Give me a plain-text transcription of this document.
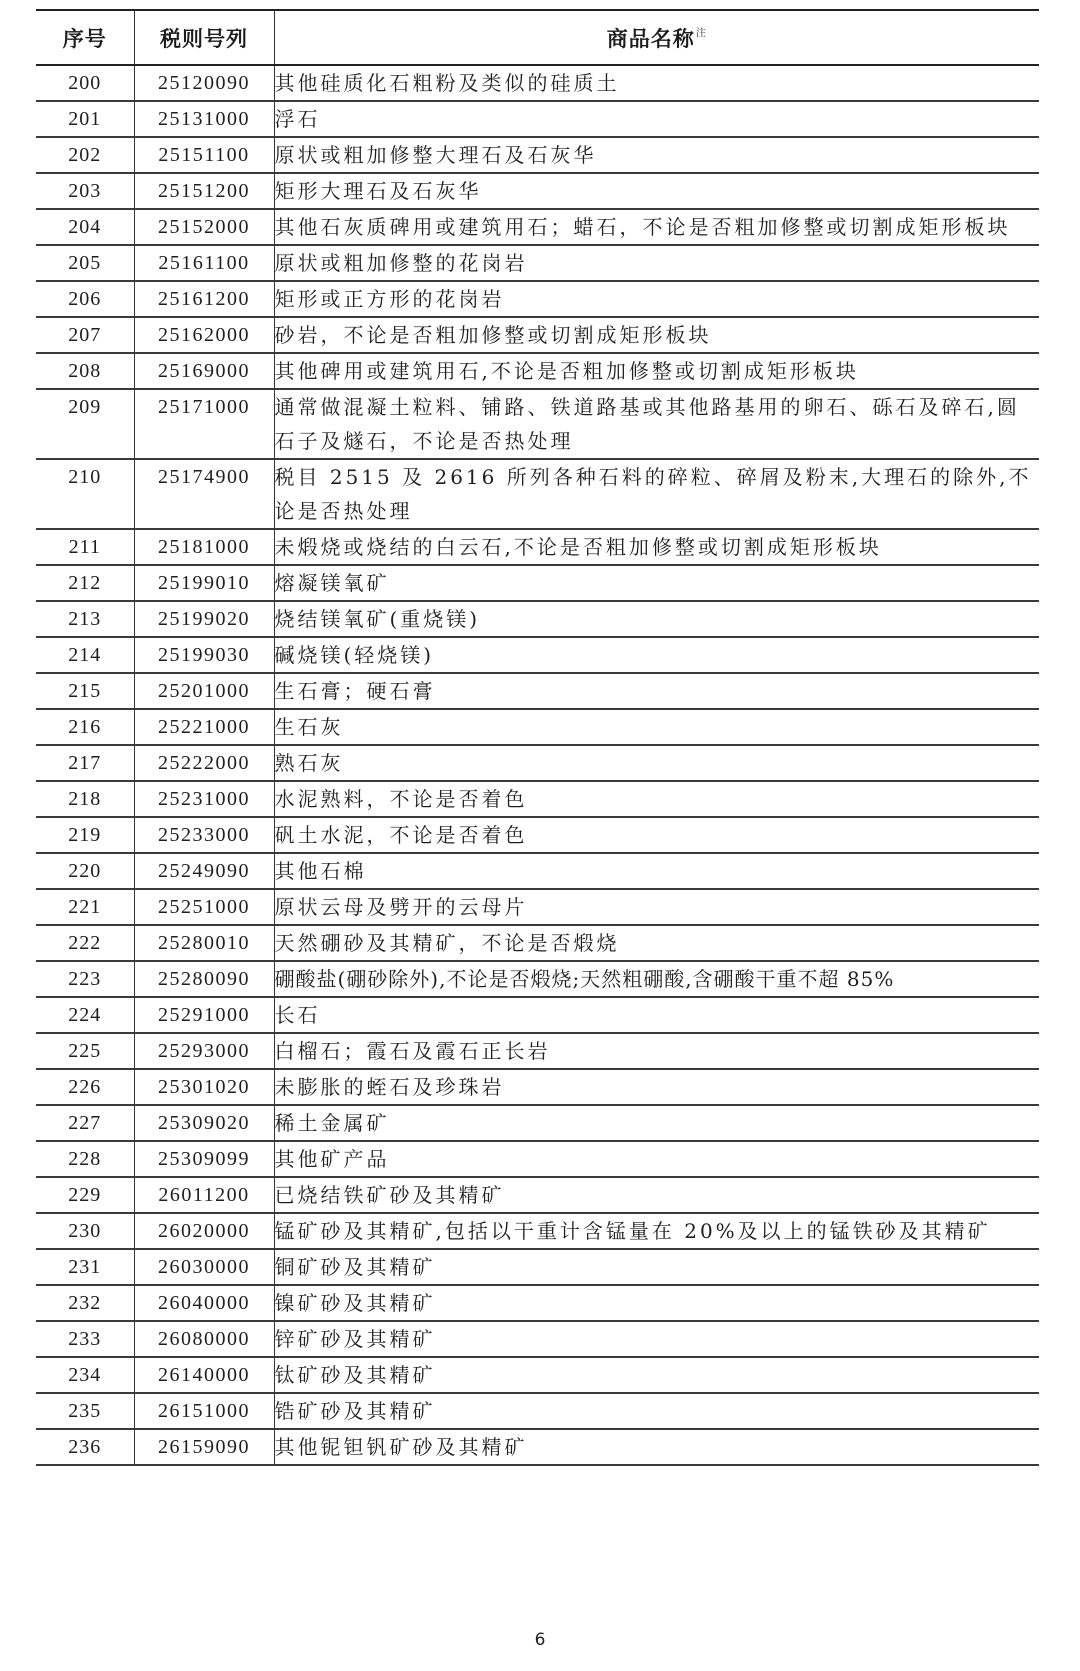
序号	税则号列	商品名称$^注$
200	25120090	其他硅质化石粗粉及类似的硅质土
201	25131000	浮石
202	25151100	原状或粗加修整大理石及石灰华
203	25151200	矩形大理石及石灰华
204	25152000	其他石灰质碑用或建筑用石；蜡石，不论是否粗加修整或切割成矩形板块
205	25161100	原状或粗加修整的花岗岩
206	25161200	矩形或正方形的花岗岩
207	25162000	砂岩，不论是否粗加修整或切割成矩形板块
208	25169000	其他碑用或建筑用石,不论是否粗加修整或切割成矩形板块
209	25171000	通常做混凝土粒料、铺路、铁道路基或其他路基用的卵石、砾石及碎石,圆石子及燧石，不论是否热处理
210	25174900	税目 2515 及 2616 所列各种石料的碎粒、碎屑及粉末,大理石的除外,不论是否热处理
211	25181000	未煅烧或烧结的白云石,不论是否粗加修整或切割成矩形板块
212	25199010	熔凝镁氧矿
213	25199020	烧结镁氧矿(重烧镁)
214	25199030	碱烧镁(轻烧镁)
215	25201000	生石膏；硬石膏
216	25221000	生石灰
217	25222000	熟石灰
218	25231000	水泥熟料，不论是否着色
219	25233000	矾土水泥，不论是否着色
220	25249090	其他石棉
221	25251000	原状云母及劈开的云母片
222	25280010	天然硼砂及其精矿，不论是否煅烧
223	25280090	硼酸盐(硼砂除外),不论是否煅烧;天然粗硼酸,含硼酸干重不超 85%
224	25291000	长石
225	25293000	白榴石；霞石及霞石正长岩
226	25301020	未膨胀的蛭石及珍珠岩
227	25309020	稀土金属矿
228	25309099	其他矿产品
229	26011200	已烧结铁矿砂及其精矿
230	26020000	锰矿砂及其精矿,包括以干重计含锰量在 20%及以上的锰铁砂及其精矿
231	26030000	铜矿砂及其精矿
232	26040000	镍矿砂及其精矿
233	26080000	锌矿砂及其精矿
234	26140000	钛矿砂及其精矿
235	26151000	锆矿砂及其精矿
236	26159090	其他铌钽钒矿砂及其精矿
6
